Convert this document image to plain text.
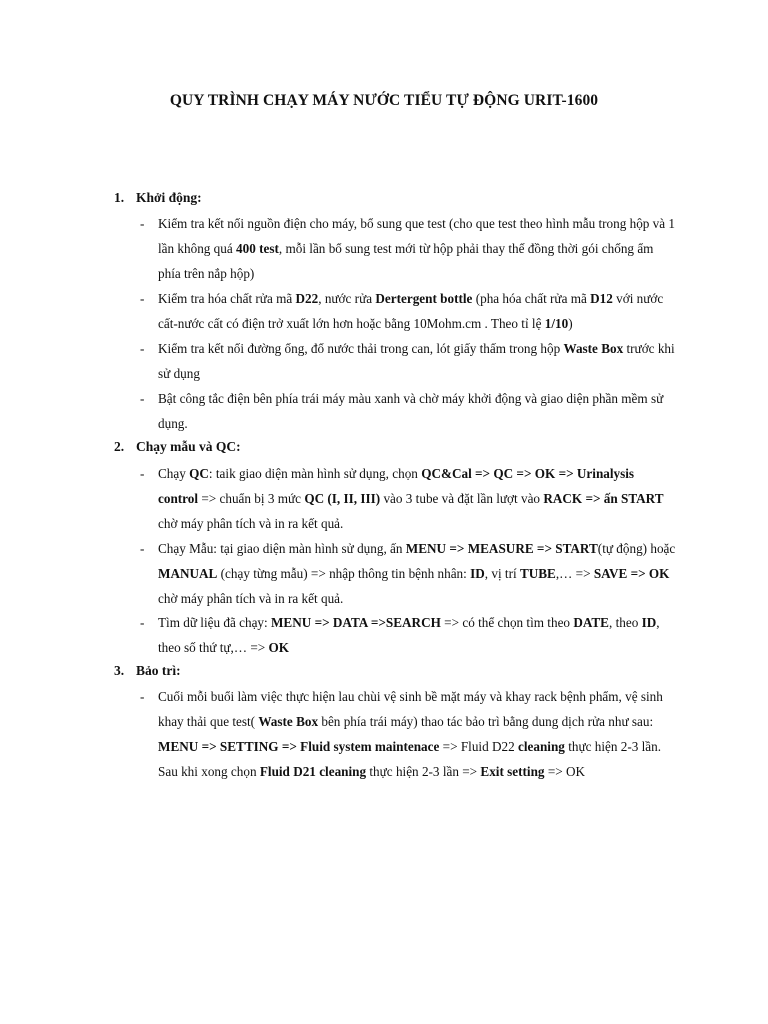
QUY TRÌNH CHẠY MÁY NƯỚC TIỂU TỰ ĐỘNG URIT-1600
1. Khởi động:
- Kiểm tra kết nối nguồn điện cho máy, bổ sung que test (cho que test theo hình mẫu trong hộp và 1 lần không quá 400 test, mỗi lần bổ sung test mới từ hộp phải thay thế đồng thời gói chống ẩm phía trên nắp hộp)
- Kiểm tra hóa chất rửa mã D22, nước rửa Dertergent bottle (pha hóa chất rửa mã D12 với nước cất-nước cất có điện trở xuất lớn hơn hoặc bằng 10Mohm.cm . Theo tỉ lệ 1/10)
- Kiểm tra kết nối đường ống, đổ nước thải trong can, lót giấy thấm trong hộp Waste Box trước khi sử dụng
- Bật công tắc điện bên phía trái máy màu xanh và chờ máy khởi động và giao diện phần mềm sử dụng.
2. Chạy mẫu và QC:
- Chạy QC: taik giao diện màn hình sử dụng, chọn QC&Cal => QC => OK => Urinalysis control => chuẩn bị 3 mức QC (I, II, III) vào 3 tube và đặt lần lượt vào RACK => ấn START chờ máy phân tích và in ra kết quả.
- Chạy Mẫu: tại giao diện màn hình sử dụng, ấn MENU => MEASURE => START(tự động) hoặc MANUAL (chạy từng mẫu) => nhập thông tin bệnh nhân: ID, vị trí TUBE,… => SAVE => OK chờ máy phân tích và in ra kết quả.
- Tìm dữ liệu đã chạy: MENU => DATA =>SEARCH => có thể chọn tìm theo DATE, theo ID, theo số thứ tự,… => OK
3. Bảo trì:
- Cuối mỗi buổi làm việc thực hiện lau chùi vệ sinh bề mặt máy và khay rack bệnh phẩm, vệ sinh khay thải que test( Waste Box bên phía trái máy) thao tác bảo trì bằng dung dịch rửa như sau: MENU => SETTING => Fluid system maintenace => Fluid D22 cleaning thực hiện 2-3 lần. Sau khi xong chọn Fluid D21 cleaning thực hiện 2-3 lần => Exit setting => OK
